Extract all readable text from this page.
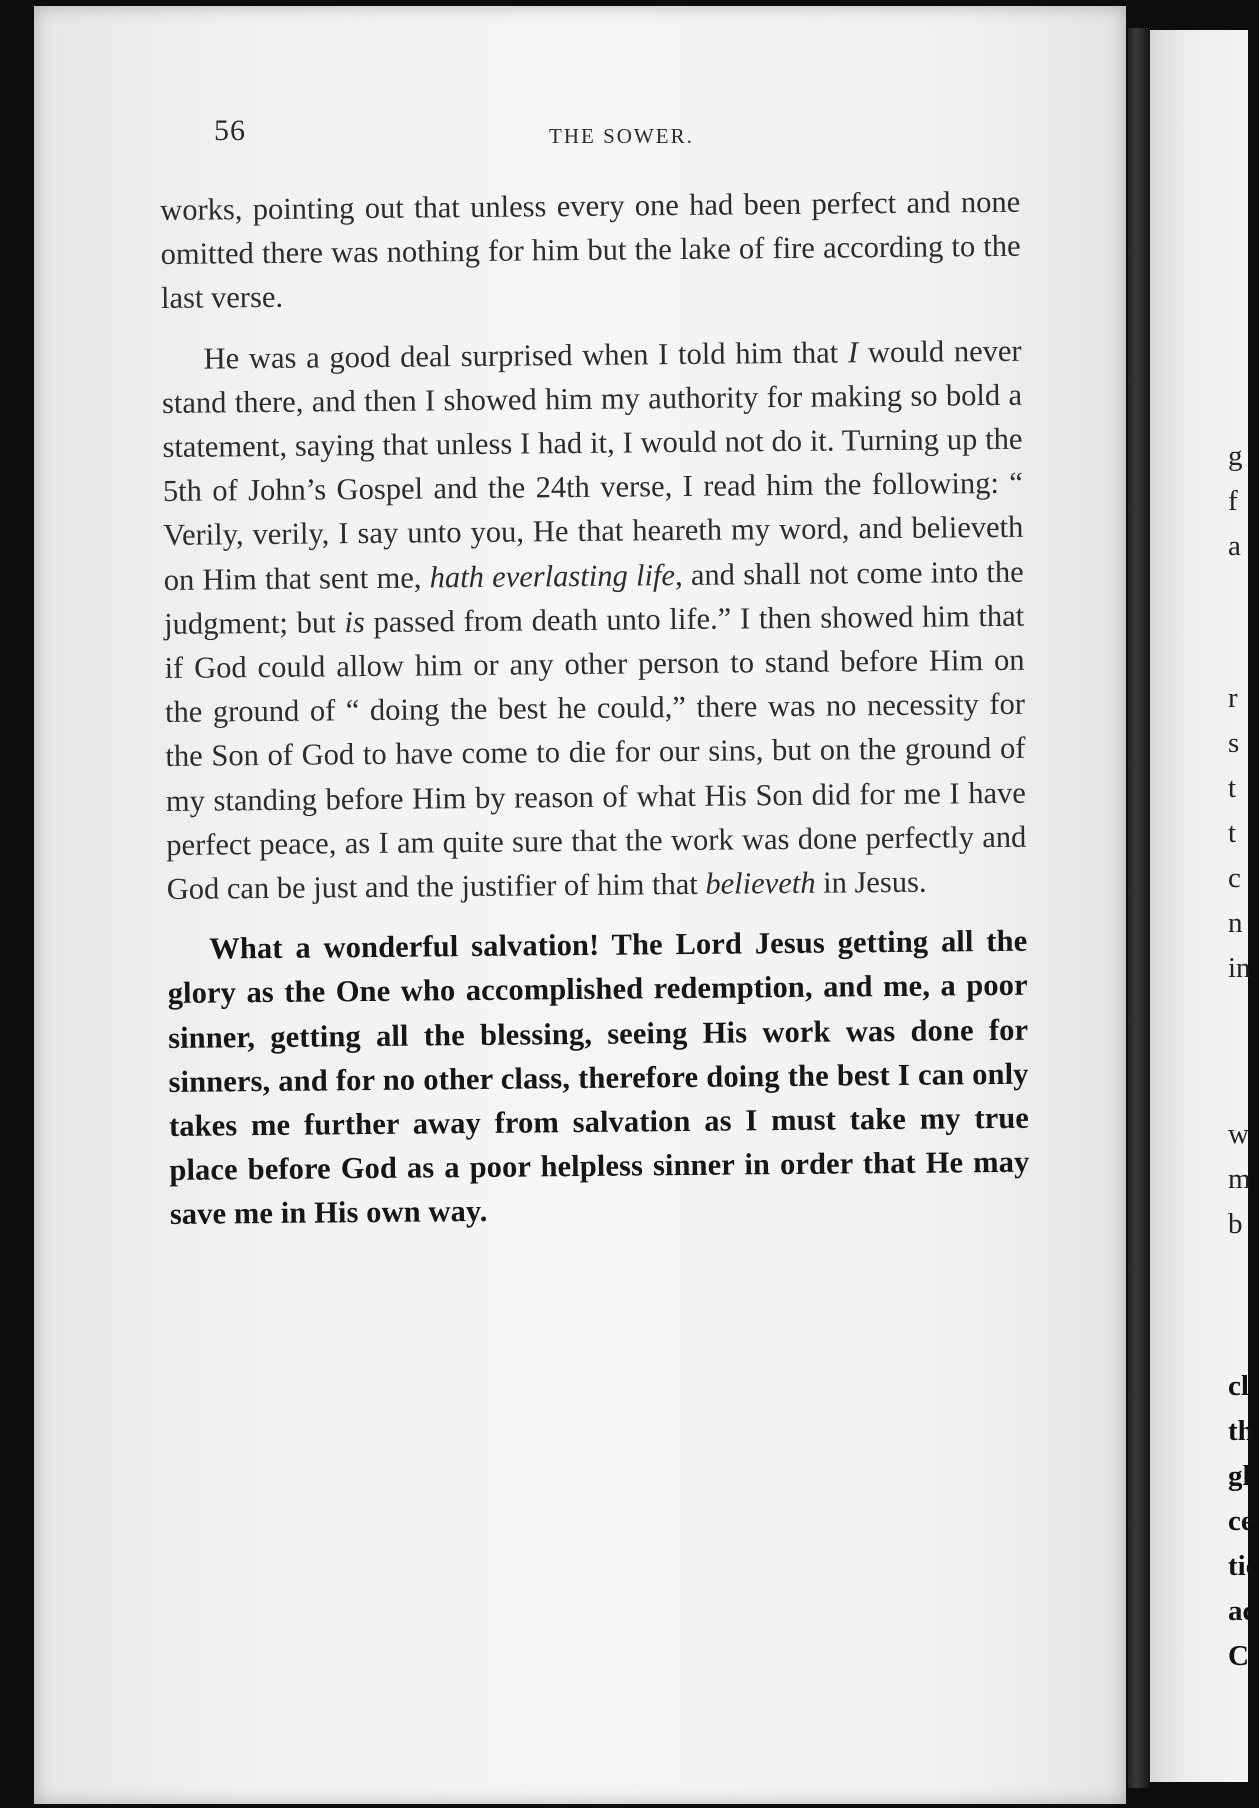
56	THE SOWER.

works, pointing out that unless every one had been perfect and none omitted there was nothing for him but the lake of fire according to the last verse.

He was a good deal surprised when I told him that I would never stand there, and then I showed him my authority for making so bold a statement, saying that unless I had it, I would not do it. Turning up the 5th of John’s Gospel and the 24th verse, I read him the following: “ Verily, verily, I say unto you, He that heareth my word, and believeth on Him that sent me, hath everlasting life, and shall not come into the judgment; but is passed from death unto life.” I then showed him that if God could allow him or any other person to stand before Him on the ground of “ doing the best he could,” there was no necessity for the Son of God to have come to die for our sins, but on the ground of my standing before Him by reason of what His Son did for me I have perfect peace, as I am quite sure that the work was done perfectly and God can be just and the justifier of him that believeth in Jesus.

What a wonderful salvation! The Lord Jesus getting all the glory as the One who accomplished redemption, and me, a poor sinner, getting all the blessing, seeing His work was done for sinners, and for no other class, therefore doing the best I can only takes me further away from salvation as I must take my true place before God as a poor helpless sinner in order that He may save me in His own way.

g
f
a
r
s
t
t
c
n
in
w
m
b
cl
th
gl
ce
tic
ac
C
